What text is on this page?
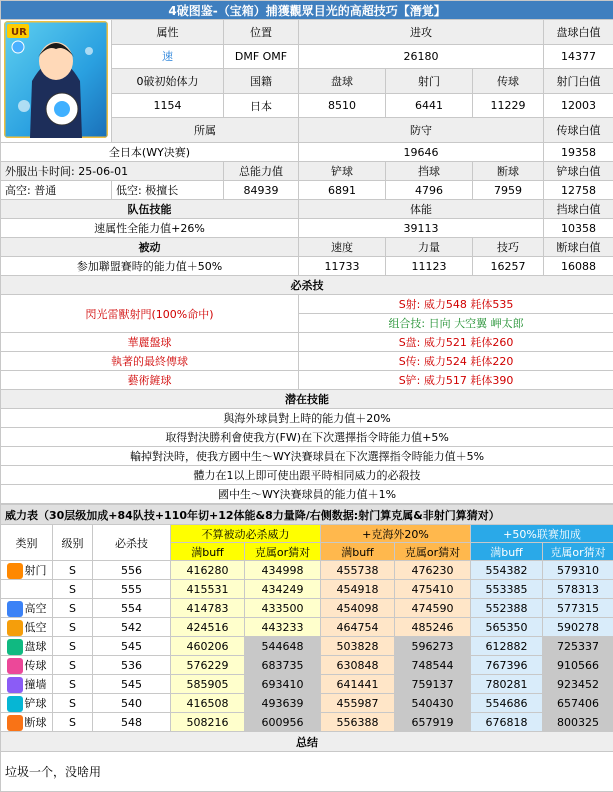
4破图鉴-（宝箱）捕獲觀眾目光的高超技巧【潛覚】						

UR	属性	位置	进攻			盘球白值
	速	DMF OMF	26180			14377
	0破初始体力	国籍	盘球	射门	传球	射门白值
	1154	日本	8510	6441	11229	12003
	所属		防守			传球白值
全日本(WY决赛)			19646			19358
外服出卡时间: 25-06-01		总能力值	铲球	挡球	断球	铲球白值
高空: 普通	低空: 极擅长	84939	6891	4796	7959	12758
队伍技能			体能			挡球白值
速属性全能力值+26%			39113			10358
被动			速度	力量	技巧	断球白值
参加聯盟賽時的能力值＋50%			11733	11123	16257	16088
必杀技						
閃光雷獸射門(100%命中)			S射: 威力548 耗体535			
			组合技: 日向 大空翼 岬太郎			
華麗盤球			S盘: 威力521 耗体260			
執著的最終傳球			S传: 威力524 耗体220			
藝術鏟球			S铲: 威力517 耗体390			
潜在技能						
與海外球員對上時的能力值＋20%						
取得對決勝利會使我方(FW)在下次選擇指令時能力值+5%						
輸掉對決時，使我方國中生～WY決賽球員在下次選擇指令時能力值＋5%						
體力在1以上即可使出跟平時相同威力的必殺技						
國中生～WY決賽球員的能力值＋1%						
威力表（30层级加成+84队技+110年切+12体能&8力量降/右侧数据:射门算克属&非射门算猜对）								
类别	级别	必杀技	不算被动必杀威力		+克海外20%		+50%联赛加成	
			满buff	克属or猜对	满buff	克属or猜对	满buff	克属or猜对
射门	S	556	416280	434998	455738	476230	554382	579310
	S	555	415531	434249	454918	475410	553385	578313
高空	S	554	414783	433500	454098	474590	552388	577315
低空	S	542	424516	443233	464754	485246	565350	590278
盘球	S	545	460206	544648	503828	596273	612882	725337
传球	S	536	576229	683735	630848	748544	767396	910566
撞墙	S	545	585905	693410	641441	759137	780281	923452
铲球	S	540	416508	493639	455987	540430	554686	657406
断球	S	548	508216	600956	556388	657919	676818	800325
总结								
垃圾一个，没啥用								
